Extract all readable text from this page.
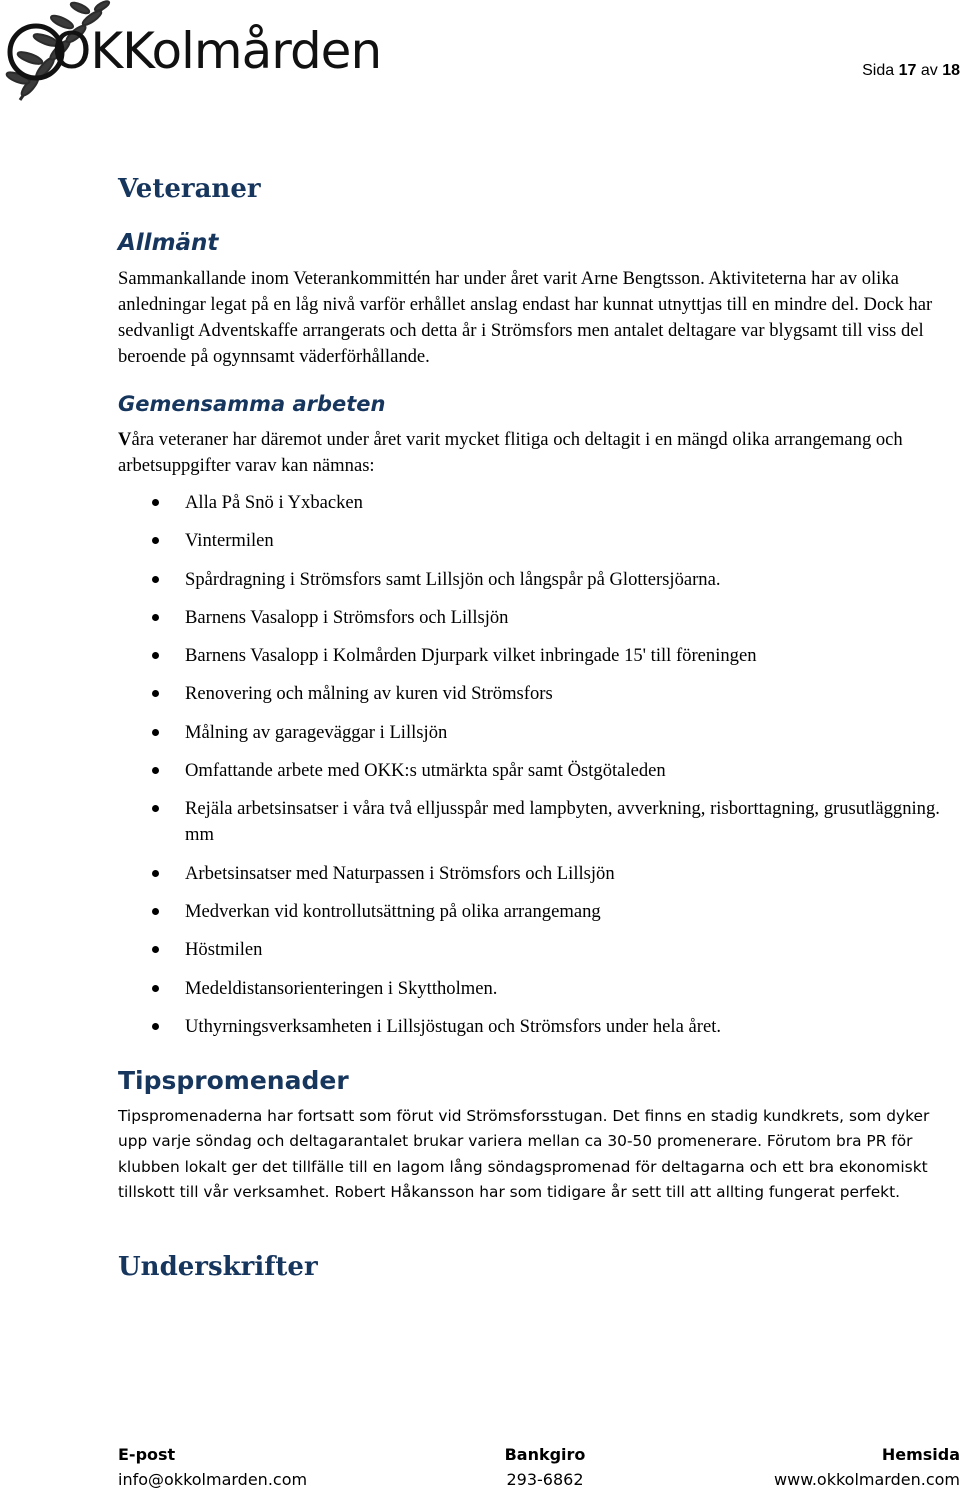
OKKolmården	Sida 17 av 18
Veteraner
Allmänt

Sammankallande inom Veterankommittén har under året varit Arne Bengtsson. Aktiviteterna har av olika anledningar legat på en låg nivå varför erhållet anslag endast har kunnat utnyttjas till en mindre del. Dock har sedvanligt Adventskaffe arrangerats och detta år i Strömsfors men antalet deltagare var blygsamt till viss del beroende på ogynnsamt väderförhållande.

Gemensamma arbeten

Våra veteraner har däremot under året varit mycket flitiga och deltagit i en mängd olika arrangemang och arbetsuppgifter varav kan nämnas:

Alla På Snö i Yxbacken
Vintermilen
Spårdragning i Strömsfors samt Lillsjön och långspår på Glottersjöarna.
Barnens Vasalopp i Strömsfors och Lillsjön
Barnens Vasalopp i Kolmården Djurpark vilket inbringade 15' till föreningen
Renovering och målning av kuren vid Strömsfors
Målning av garageväggar i Lillsjön
Omfattande arbete med OKK:s utmärkta spår samt Östgötaleden
Rejäla arbetsinsatser i våra två elljusspår med lampbyten, avverkning, risborttagning, grusutläggning. mm
Arbetsinsatser med Naturpassen i Strömsfors och Lillsjön
Medverkan vid kontrollutsättning på olika arrangemang
Höstmilen
Medeldistansorienteringen i Skyttholmen.
Uthyrningsverksamheten i Lillsjöstugan och Strömsfors under hela året.
Tipspromenader

Tipspromenaderna har fortsatt som förut vid Strömsforsstugan. Det finns en stadig kundkrets, som dyker upp varje söndag och deltagarantalet brukar variera mellan ca 30-50 promenerare. Förutom bra PR för klubben lokalt ger det tillfälle till en lagom lång söndagspromenad för deltagarna och ett bra ekonomiskt tillskott till vår verksamhet. Robert Håkansson har som tidigare år sett till att allting fungerat perfekt.

Underskrifter
E-post
info@okkolmarden.com
Bankgiro
293-6862
Hemsida
www.okkolmarden.com
